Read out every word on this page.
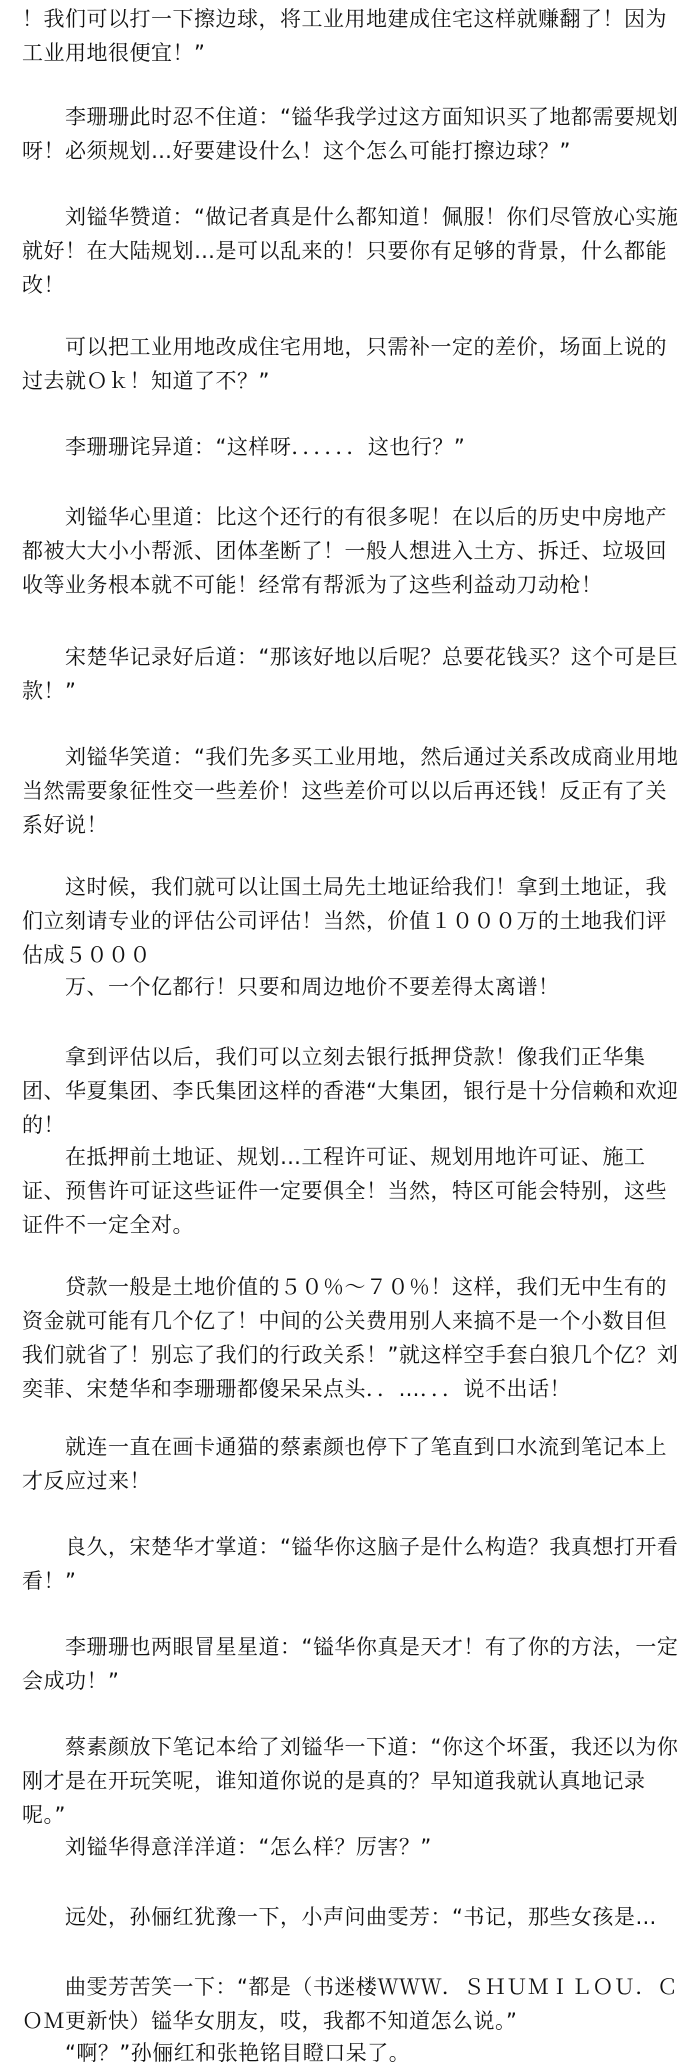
！我们可以打一下擦边球，将工业用地建成住宅这样就赚翻了！因为工业用地很便宜！”

　　李珊珊此时忍不住道：“镒华我学过这方面知识买了地都需要规划呀！必须规划…好要建设什么！这个怎么可能打擦边球？”

　　刘镒华赞道：“做记者真是什么都知道！佩服！你们尽管放心实施就好！在大陆规划…是可以乱来的！只要你有足够的背景，什么都能改！

　　可以把工业用地改成住宅用地，只需补一定的差价，场面上说的过去就Ｏｋ！知道了不？”

　　李珊珊诧异道：“这样呀．．．．．．这也行？”

　　刘镒华心里道：比这个还行的有很多呢！在以后的历史中房地产都被大大小小帮派、团体垄断了！一般人想进入土方、拆迁、垃圾回收等业务根本就不可能！经常有帮派为了这些利益动刀动枪！

　　宋楚华记录好后道：“那该好地以后呢？总要花钱买？这个可是巨款！”

　　刘镒华笑道：“我们先多买工业用地，然后通过关系改成商业用地当然需要象征性交一些差价！这些差价可以以后再还钱！反正有了关系好说！

　　这时候，我们就可以让国土局先土地证给我们！拿到土地证，我们立刻请专业的评估公司评估！当然，价值１０００万的土地我们评估成５０００

　　万、一个亿都行！只要和周边地价不要差得太离谱！

　　拿到评估以后，我们可以立刻去银行抵押贷款！像我们正华集团、华夏集团、李氏集团这样的香港“大集团，银行是十分信赖和欢迎的！

　　在抵押前土地证、规划…工程许可证、规划用地许可证、施工证、预售许可证这些证件一定要俱全！当然，特区可能会特别，这些证件不一定全对。

　　贷款一般是土地价值的５０％～７０％！这样，我们无中生有的资金就可能有几个亿了！中间的公关费用别人来搞不是一个小数目但我们就省了！别忘了我们的行政关系！”就这样空手套白狼几个亿？刘奕菲、宋楚华和李珊珊都傻呆呆点头．．…．．．说不出话！

　　就连一直在画卡通猫的蔡素颜也停下了笔直到口水流到笔记本上才反应过来！

　　良久，宋楚华才掌道：“镒华你这脑子是什么构造？我真想打开看看！”

　　李珊珊也两眼冒星星道：“镒华你真是天才！有了你的方法，一定会成功！”

　　蔡素颜放下笔记本给了刘镒华一下道：“你这个坏蛋，我还以为你刚才是在开玩笑呢，谁知道你说的是真的？早知道我就认真地记录呢。”

　　刘镒华得意洋洋道：“怎么样？厉害？”

　　远处，孙俪红犹豫一下，小声问曲雯芳：“书记，那些女孩是…

　　曲雯芳苦笑一下：“都是（书迷楼ＷＷＷ．ＳＨＵＭＩＬＯＵ．ＣＯＭ更新快）镒华女朋友，哎，我都不知道怎么说。”

　　“啊？”孙俪红和张艳铭目瞪口呆了。
